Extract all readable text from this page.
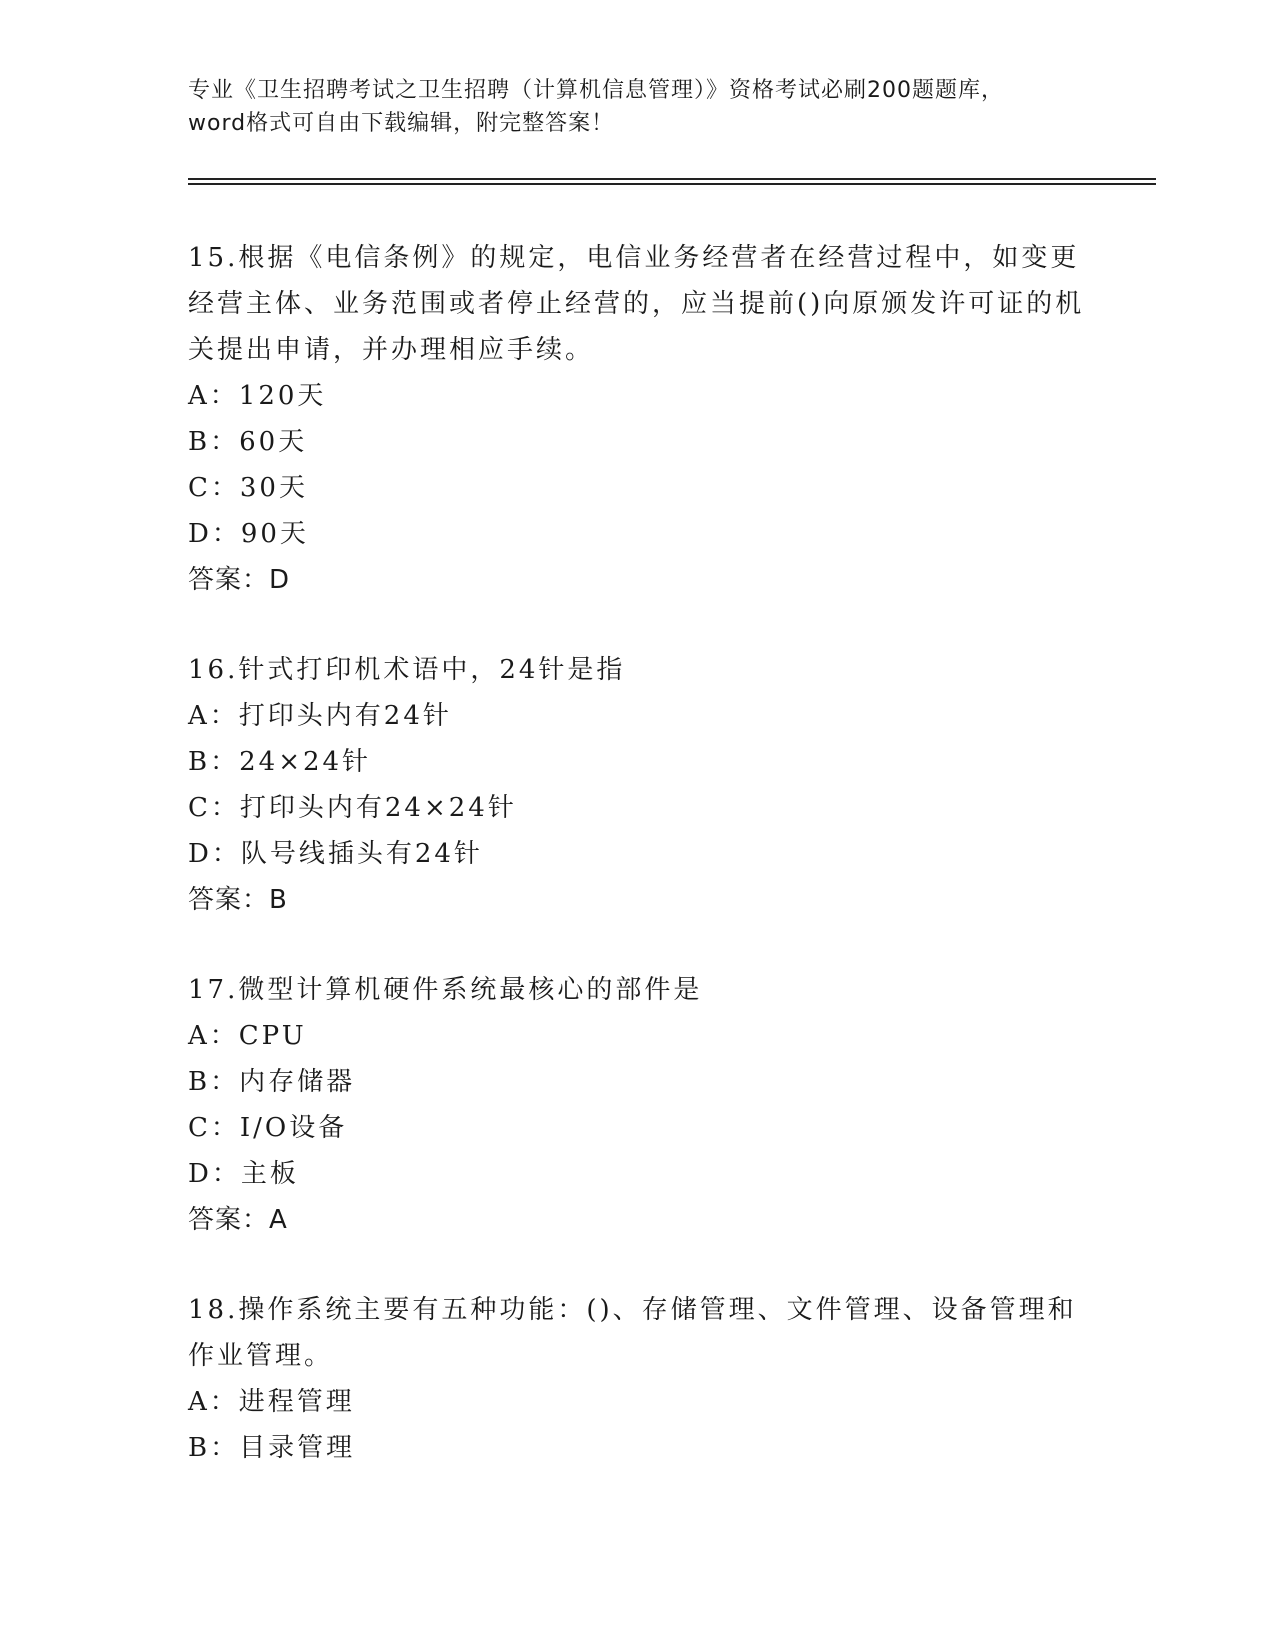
专业《卫生招聘考试之卫生招聘（计算机信息管理）》资格考试必刷200题题库，
word格式可自由下载编辑，附完整答案！
15.根据《电信条例》的规定，电信业务经营者在经营过程中，如变更经营主体、业务范围或者停止经营的，应当提前()向原颁发许可证的机关提出申请，并办理相应手续。
A：120天
B：60天
C：30天
D：90天
答案：D
16.针式打印机术语中，24针是指
A：打印头内有24针
B：24×24针
C：打印头内有24×24针
D：队号线插头有24针
答案：B
17.微型计算机硬件系统最核心的部件是
A：CPU
B：内存储器
C：I/O设备
D：主板
答案：A
18.操作系统主要有五种功能：()、存储管理、文件管理、设备管理和作业管理。
A：进程管理
B：目录管理
